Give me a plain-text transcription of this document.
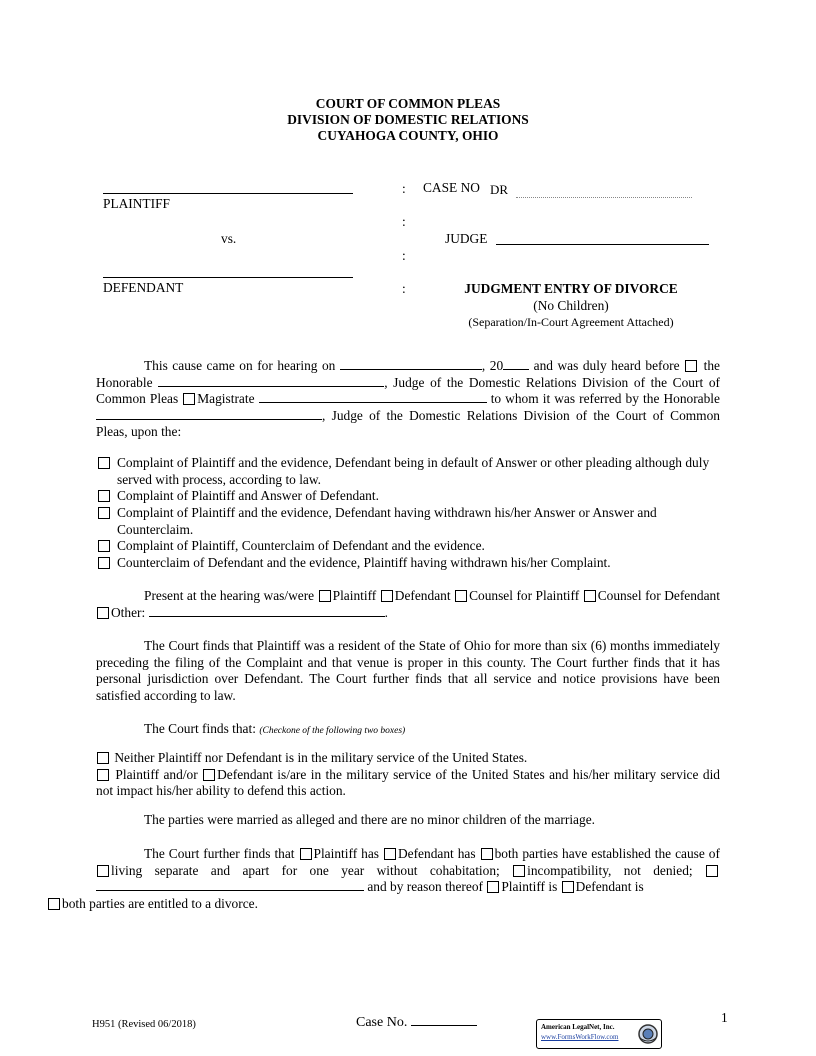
COURT OF COMMON PLEAS
DIVISION OF DOMESTIC RELATIONS
CUYAHOGA COUNTY, OHIO
PLAINTIFF
vs.
DEFENDANT
:
:
:
:
CASE NO DR
JUDGE
JUDGMENT ENTRY OF DIVORCE
(No Children)
(Separation/In-Court Agreement Attached)
This cause came on for hearing on	, 20 and was duly heard before the Honorable	, Judge of the Domestic Relations Division of the Court of Common Pleas Magistrate	to whom it was referred by the Honorable , Judge of the Domestic Relations Division of the Court of Common Pleas, upon the:
Complaint of Plaintiff and the evidence, Defendant being in default of Answer or other pleading although duly served with process, according to law.
Complaint of Plaintiff and Answer of Defendant.
Complaint of Plaintiff and the evidence, Defendant having withdrawn his/her Answer or Answer and Counterclaim.
Complaint of Plaintiff, Counterclaim of Defendant and the evidence.
Counterclaim of Defendant and the evidence, Plaintiff having withdrawn his/her Complaint.
Present at the hearing was/were Plaintiff Defendant Counsel for Plaintiff Counsel for Defendant Other:	.
The Court finds that Plaintiff was a resident of the State of Ohio for more than six (6) months immediately preceding the filing of the Complaint and that venue is proper in this county. The Court further finds that it has personal jurisdiction over Defendant. The Court further finds that all service and notice provisions have been satisfied according to law.
The Court finds that: (Checkone of the following two boxes)
Neither Plaintiff nor Defendant is in the military service of the United States.
Plaintiff and/or Defendant is/are in the military service of the United States and his/her military service did not impact his/her ability to defend this action.
The parties were married as alleged and there are no minor children of the marriage.
The Court further finds that Plaintiff has Defendant has both parties have established the cause of living separate and apart for one year without cohabitation; incompatibility, not denied;  and by reason thereof Plaintiff is Defendant is
both parties are entitled to a divorce.
H951 (Revised 06/2018)	Case No.	1
American LegalNet, Inc.
www.FormsWorkFlow.com
